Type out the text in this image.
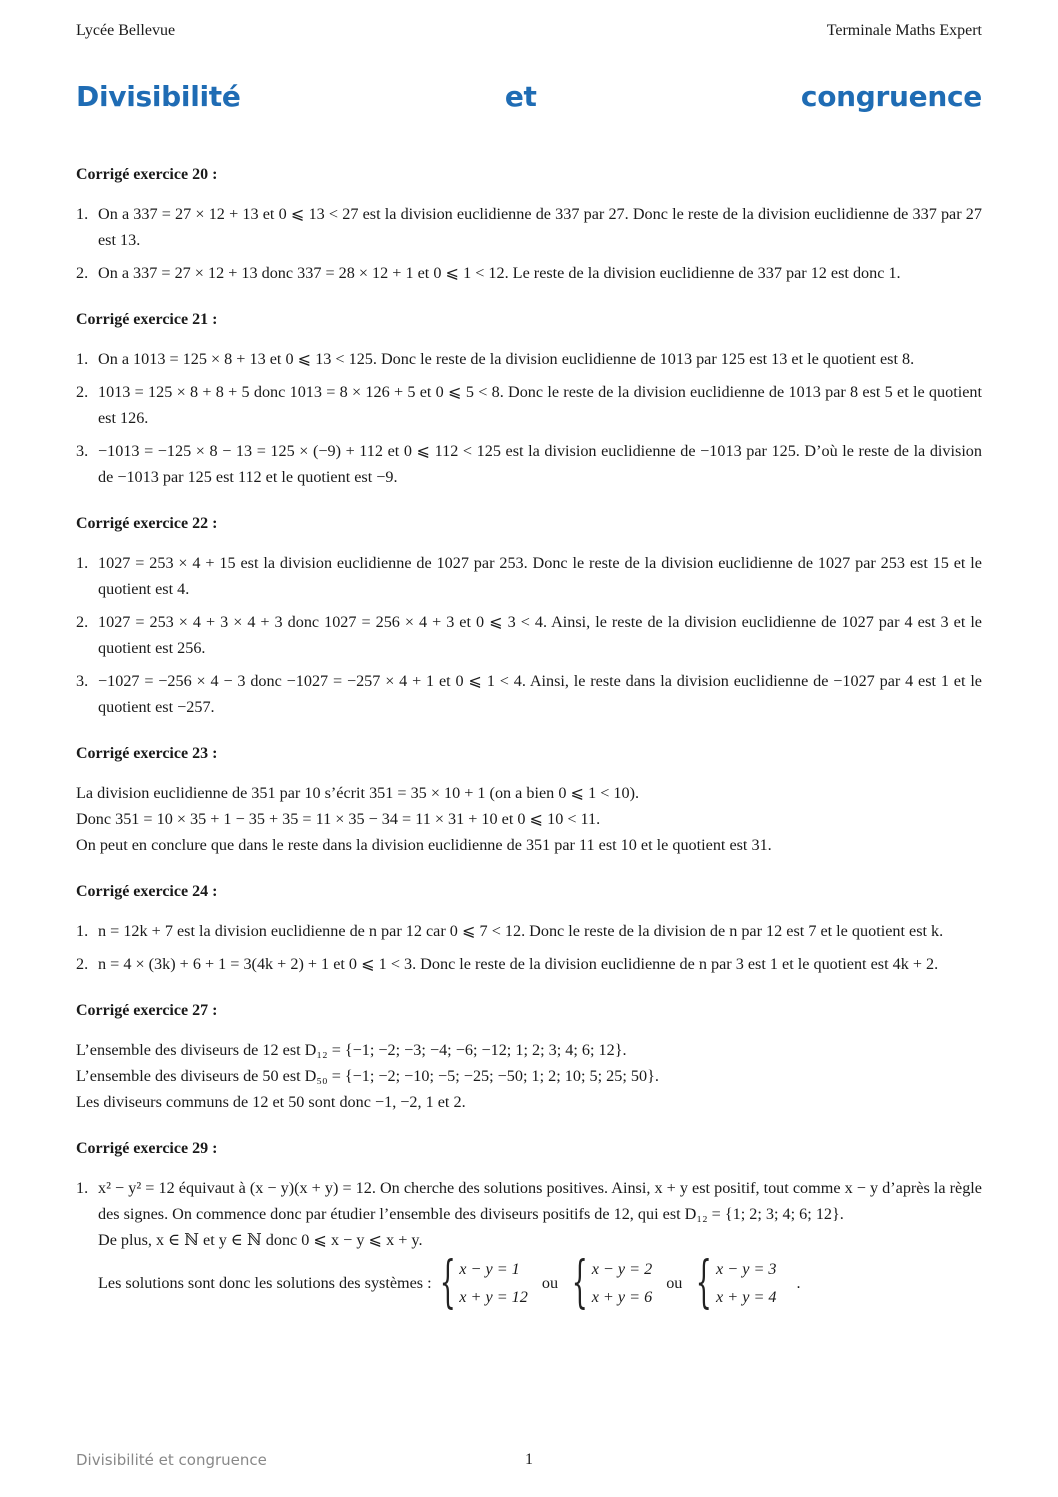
Lycée Bellevue	Terminale Maths Expert
Divisibilité	et	congruence
Corrigé exercice 20 :
1. On a 337 = 27 × 12 + 13 et 0 ⩽ 13 < 27 est la division euclidienne de 337 par 27. Donc le reste de la division euclidienne de 337 par 27 est 13.
2. On a 337 = 27 × 12 + 13 donc 337 = 28 × 12 + 1 et 0 ⩽ 1 < 12. Le reste de la division euclidienne de 337 par 12 est donc 1.
Corrigé exercice 21 :
1. On a 1013 = 125 × 8 + 13 et 0 ⩽ 13 < 125. Donc le reste de la division euclidienne de 1013 par 125 est 13 et le quotient est 8.
2. 1013 = 125 × 8 + 8 + 5 donc 1013 = 8 × 126 + 5 et 0 ⩽ 5 < 8. Donc le reste de la division euclidienne de 1013 par 8 est 5 et le quotient est 126.
3. −1013 = −125 × 8 − 13 = 125 × (−9) + 112 et 0 ⩽ 112 < 125 est la division euclidienne de −1013 par 125. D’où le reste de la division de −1013 par 125 est 112 et le quotient est −9.
Corrigé exercice 22 :
1. 1027 = 253 × 4 + 15 est la division euclidienne de 1027 par 253. Donc le reste de la division euclidienne de 1027 par 253 est 15 et le quotient est 4.
2. 1027 = 253 × 4 + 3 × 4 + 3 donc 1027 = 256 × 4 + 3 et 0 ⩽ 3 < 4. Ainsi, le reste de la division euclidienne de 1027 par 4 est 3 et le quotient est 256.
3. −1027 = −256 × 4 − 3 donc −1027 = −257 × 4 + 1 et 0 ⩽ 1 < 4. Ainsi, le reste dans la division euclidienne de −1027 par 4 est 1 et le quotient est −257.
Corrigé exercice 23 :

La division euclidienne de 351 par 10 s’écrit 351 = 35 × 10 + 1 (on a bien 0 ⩽ 1 < 10).

Donc 351 = 10 × 35 + 1 − 35 + 35 = 11 × 35 − 34 = 11 × 31 + 10 et 0 ⩽ 10 < 11.

On peut en conclure que dans le reste dans la division euclidienne de 351 par 11 est 10 et le quotient est 31.

Corrigé exercice 24 :
1. n = 12k + 7 est la division euclidienne de n par 12 car 0 ⩽ 7 < 12. Donc le reste de la division de n par 12 est 7 et le quotient est k.
2. n = 4 × (3k) + 6 + 1 = 3(4k + 2) + 1 et 0 ⩽ 1 < 3. Donc le reste de la division euclidienne de n par 3 est 1 et le quotient est 4k + 2.
Corrigé exercice 27 :

L’ensemble des diviseurs de 12 est D₁₂ = {−1; −2; −3; −4; −6; −12; 1; 2; 3; 4; 6; 12}.

L’ensemble des diviseurs de 50 est D₅₀ = {−1; −2; −10; −5; −25; −50; 1; 2; 10; 5; 25; 50}.

Les diviseurs communs de 12 et 50 sont donc −1, −2, 1 et 2.

Corrigé exercice 29 :
1. x² − y² = 12 équivaut à (x − y)(x + y) = 12. On cherche des solutions positives. Ainsi, x + y est positif, tout comme x − y d’après la règle des signes. On commence donc par étudier l’ensemble des diviseurs positifs de 12, qui est D₁₂ = {1; 2; 3; 4; 6; 12}.
De plus, x ∈ ℕ et y ∈ ℕ donc 0 ⩽ x − y ⩽ x + y.
Les solutions sont donc les solutions des systèmes : { x − y = 1
x + y = 12
ou { x − y = 2
x + y = 6
ou { x − y = 3
x + y = 4
.
Divisibilité et congruence	1
